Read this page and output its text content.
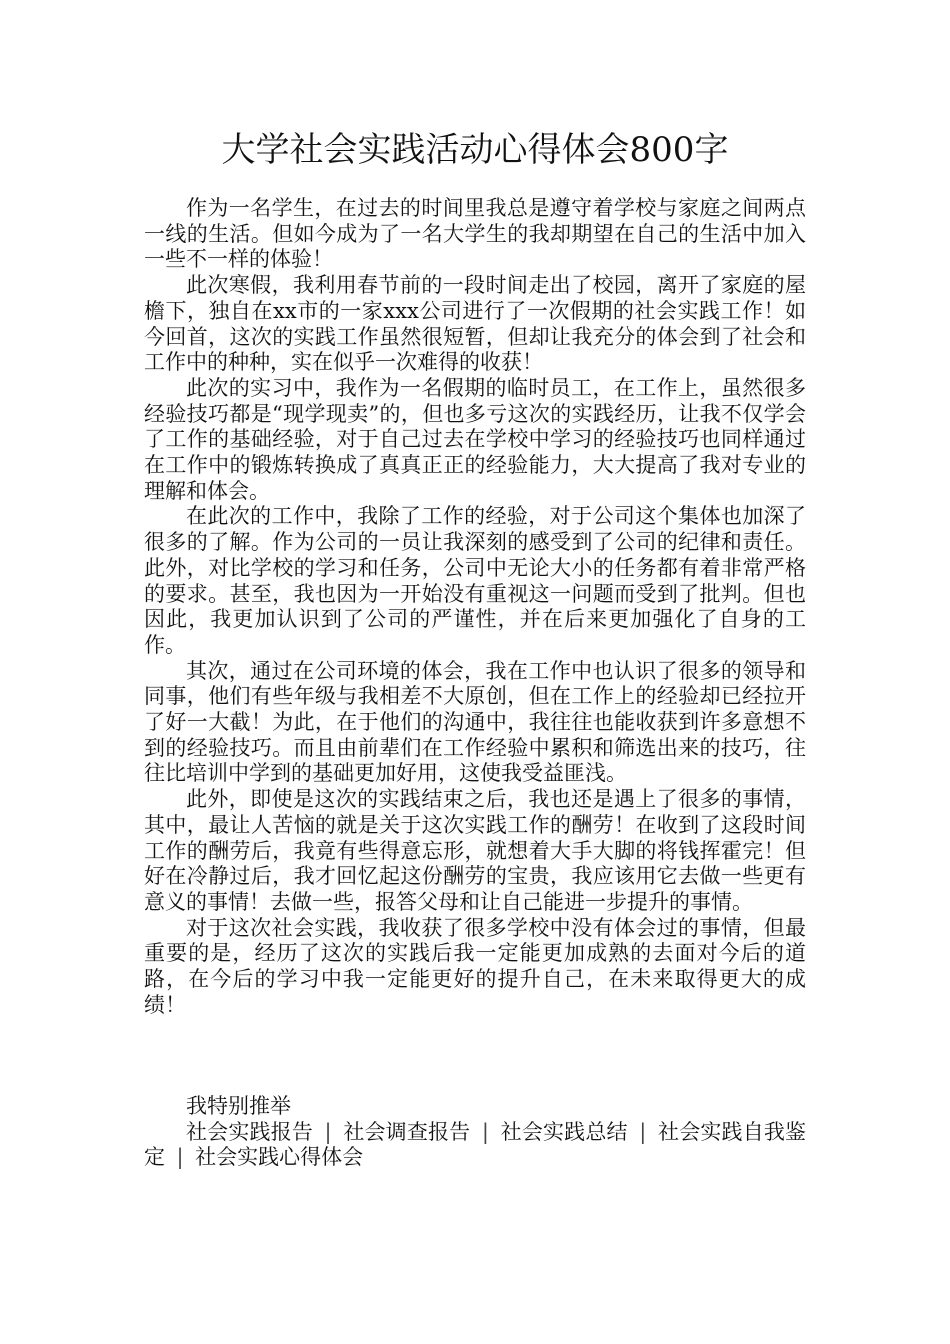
大学社会实践活动心得体会800字

作为一名学生，在过去的时间里我总是遵守着学校与家庭之间两点一线的生活。但如今成为了一名大学生的我却期望在自己的生活中加入一些不一样的体验！

此次寒假，我利用春节前的一段时间走出了校园，离开了家庭的屋檐下，独自在xx市的一家xxx公司进行了一次假期的社会实践工作！如今回首，这次的实践工作虽然很短暂，但却让我充分的体会到了社会和工作中的种种，实在似乎一次难得的收获！

此次的实习中，我作为一名假期的临时员工，在工作上，虽然很多经验技巧都是“现学现卖”的，但也多亏这次的实践经历，让我不仅学会了工作的基础经验，对于自己过去在学校中学习的经验技巧也同样通过在工作中的锻炼转换成了真真正正的经验能力，大大提高了我对专业的理解和体会。

在此次的工作中，我除了工作的经验，对于公司这个集体也加深了很多的了解。作为公司的一员让我深刻的感受到了公司的纪律和责任。此外，对比学校的学习和任务，公司中无论大小的任务都有着非常严格的要求。甚至，我也因为一开始没有重视这一问题而受到了批判。但也因此，我更加认识到了公司的严谨性，并在后来更加强化了自身的工作。

其次，通过在公司环境的体会，我在工作中也认识了很多的领导和同事，他们有些年级与我相差不大原创，但在工作上的经验却已经拉开了好一大截！为此，在于他们的沟通中，我往往也能收获到许多意想不到的经验技巧。而且由前辈们在工作经验中累积和筛选出来的技巧，往往比培训中学到的基础更加好用，这使我受益匪浅。

此外，即使是这次的实践结束之后，我也还是遇上了很多的事情，其中，最让人苦恼的就是关于这次实践工作的酬劳！在收到了这段时间工作的酬劳后，我竟有些得意忘形，就想着大手大脚的将钱挥霍完！但好在冷静过后，我才回忆起这份酬劳的宝贵，我应该用它去做一些更有意义的事情！去做一些，报答父母和让自己能进一步提升的事情。

对于这次社会实践，我收获了很多学校中没有体会过的事情，但最重要的是，经历了这次的实践后我一定能更加成熟的去面对今后的道路，在今后的学习中我一定能更好的提升自己，在未来取得更大的成绩！

我特别推举

社会实践报告 | 社会调查报告 | 社会实践总结 | 社会实践自我鉴定 | 社会实践心得体会
